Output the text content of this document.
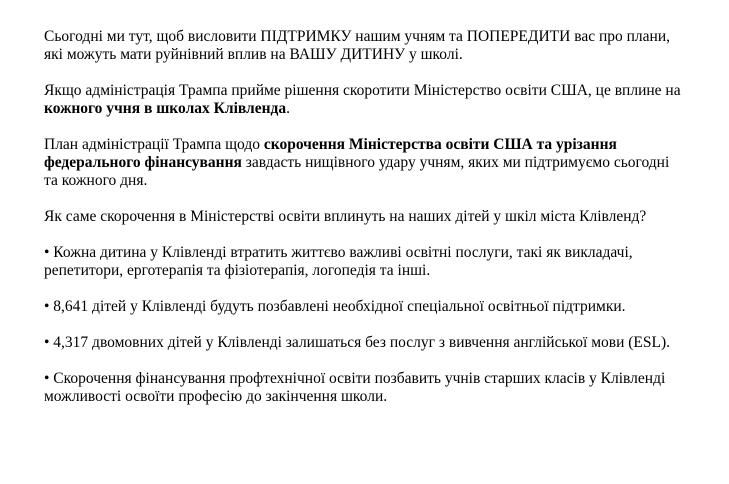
Сьогодні ми тут, щоб висловити ПІДТРИМКУ нашим учням та ПОПЕРЕДИТИ вас про плани, які можуть мати руйнівний вплив на ВАШУ ДИТИНУ у школі.

Якщо адміністрація Трампа прийме рішення скоротити Міністерство освіти США, це вплине на кожного учня в школах Клівленда.

План адміністрації Трампа щодо скорочення Міністерства освіти США та урізання федерального фінансування завдасть нищівного удару учням, яких ми підтримуємо сьогодні та кожного дня.

Як саме скорочення в Міністерстві освіти вплинуть на наших дітей у шкіл міста Клівленд?

• Кожна дитина у Клівленді втратить життєво важливі освітні послуги, такі як викладачі, репетитори, ерготерапія та фізіотерапія, логопедія та інші.

• 8,641 дітей у Клівленді будуть позбавлені необхідної спеціальної освітньої підтримки.

• 4,317 двомовних дітей у Клівленді залишаться без послуг з вивчення англійської мови (ESL).

• Скорочення фінансування профтехнічної освіти позбавить учнів старших класів у Клівленді можливості освоїти професію до закінчення школи.
